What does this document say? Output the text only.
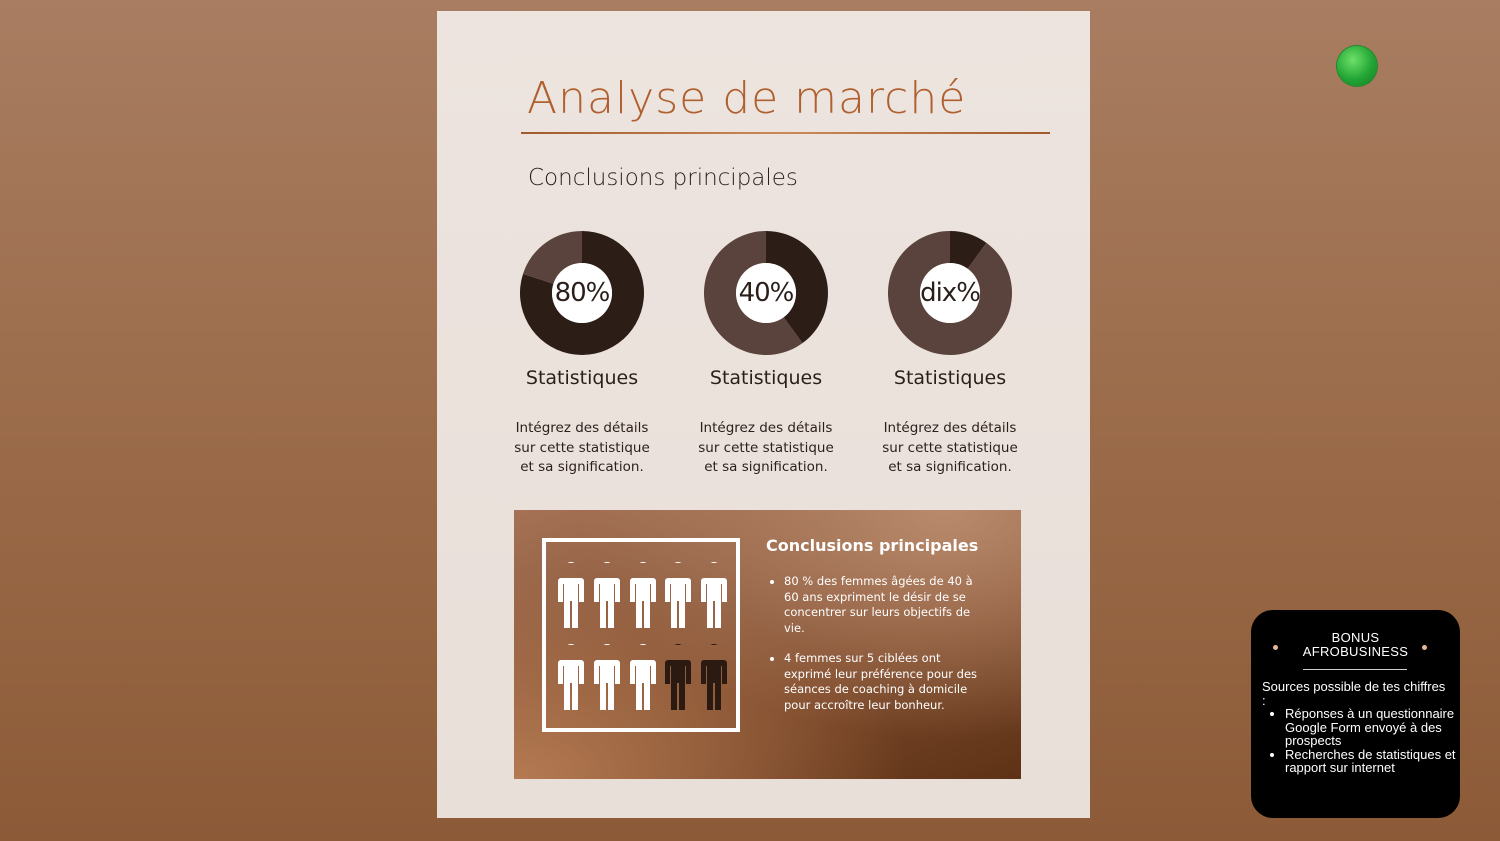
Analyse de marché
Conclusions principales
80%
Statistiques
Intégrez des détails sur cette statistique et sa signification.
40%
Statistiques
Intégrez des détails sur cette statistique et sa signification.
dix%
Statistiques
Intégrez des détails sur cette statistique et sa signification.
Conclusions principales
• 80 % des femmes âgées de 40 à 60 ans expriment le désir de se concentrer sur leurs objectifs de vie.
• 4 femmes sur 5 ciblées ont exprimé leur préférence pour des séances de coaching à domicile pour accroître leur bonheur.

BONUS
AFROBUSINESS

Sources possible de tes chiffres :

• Réponses à un questionnaire Google Form envoyé à des prospects
• Recherches de statistiques et rapport sur internet
